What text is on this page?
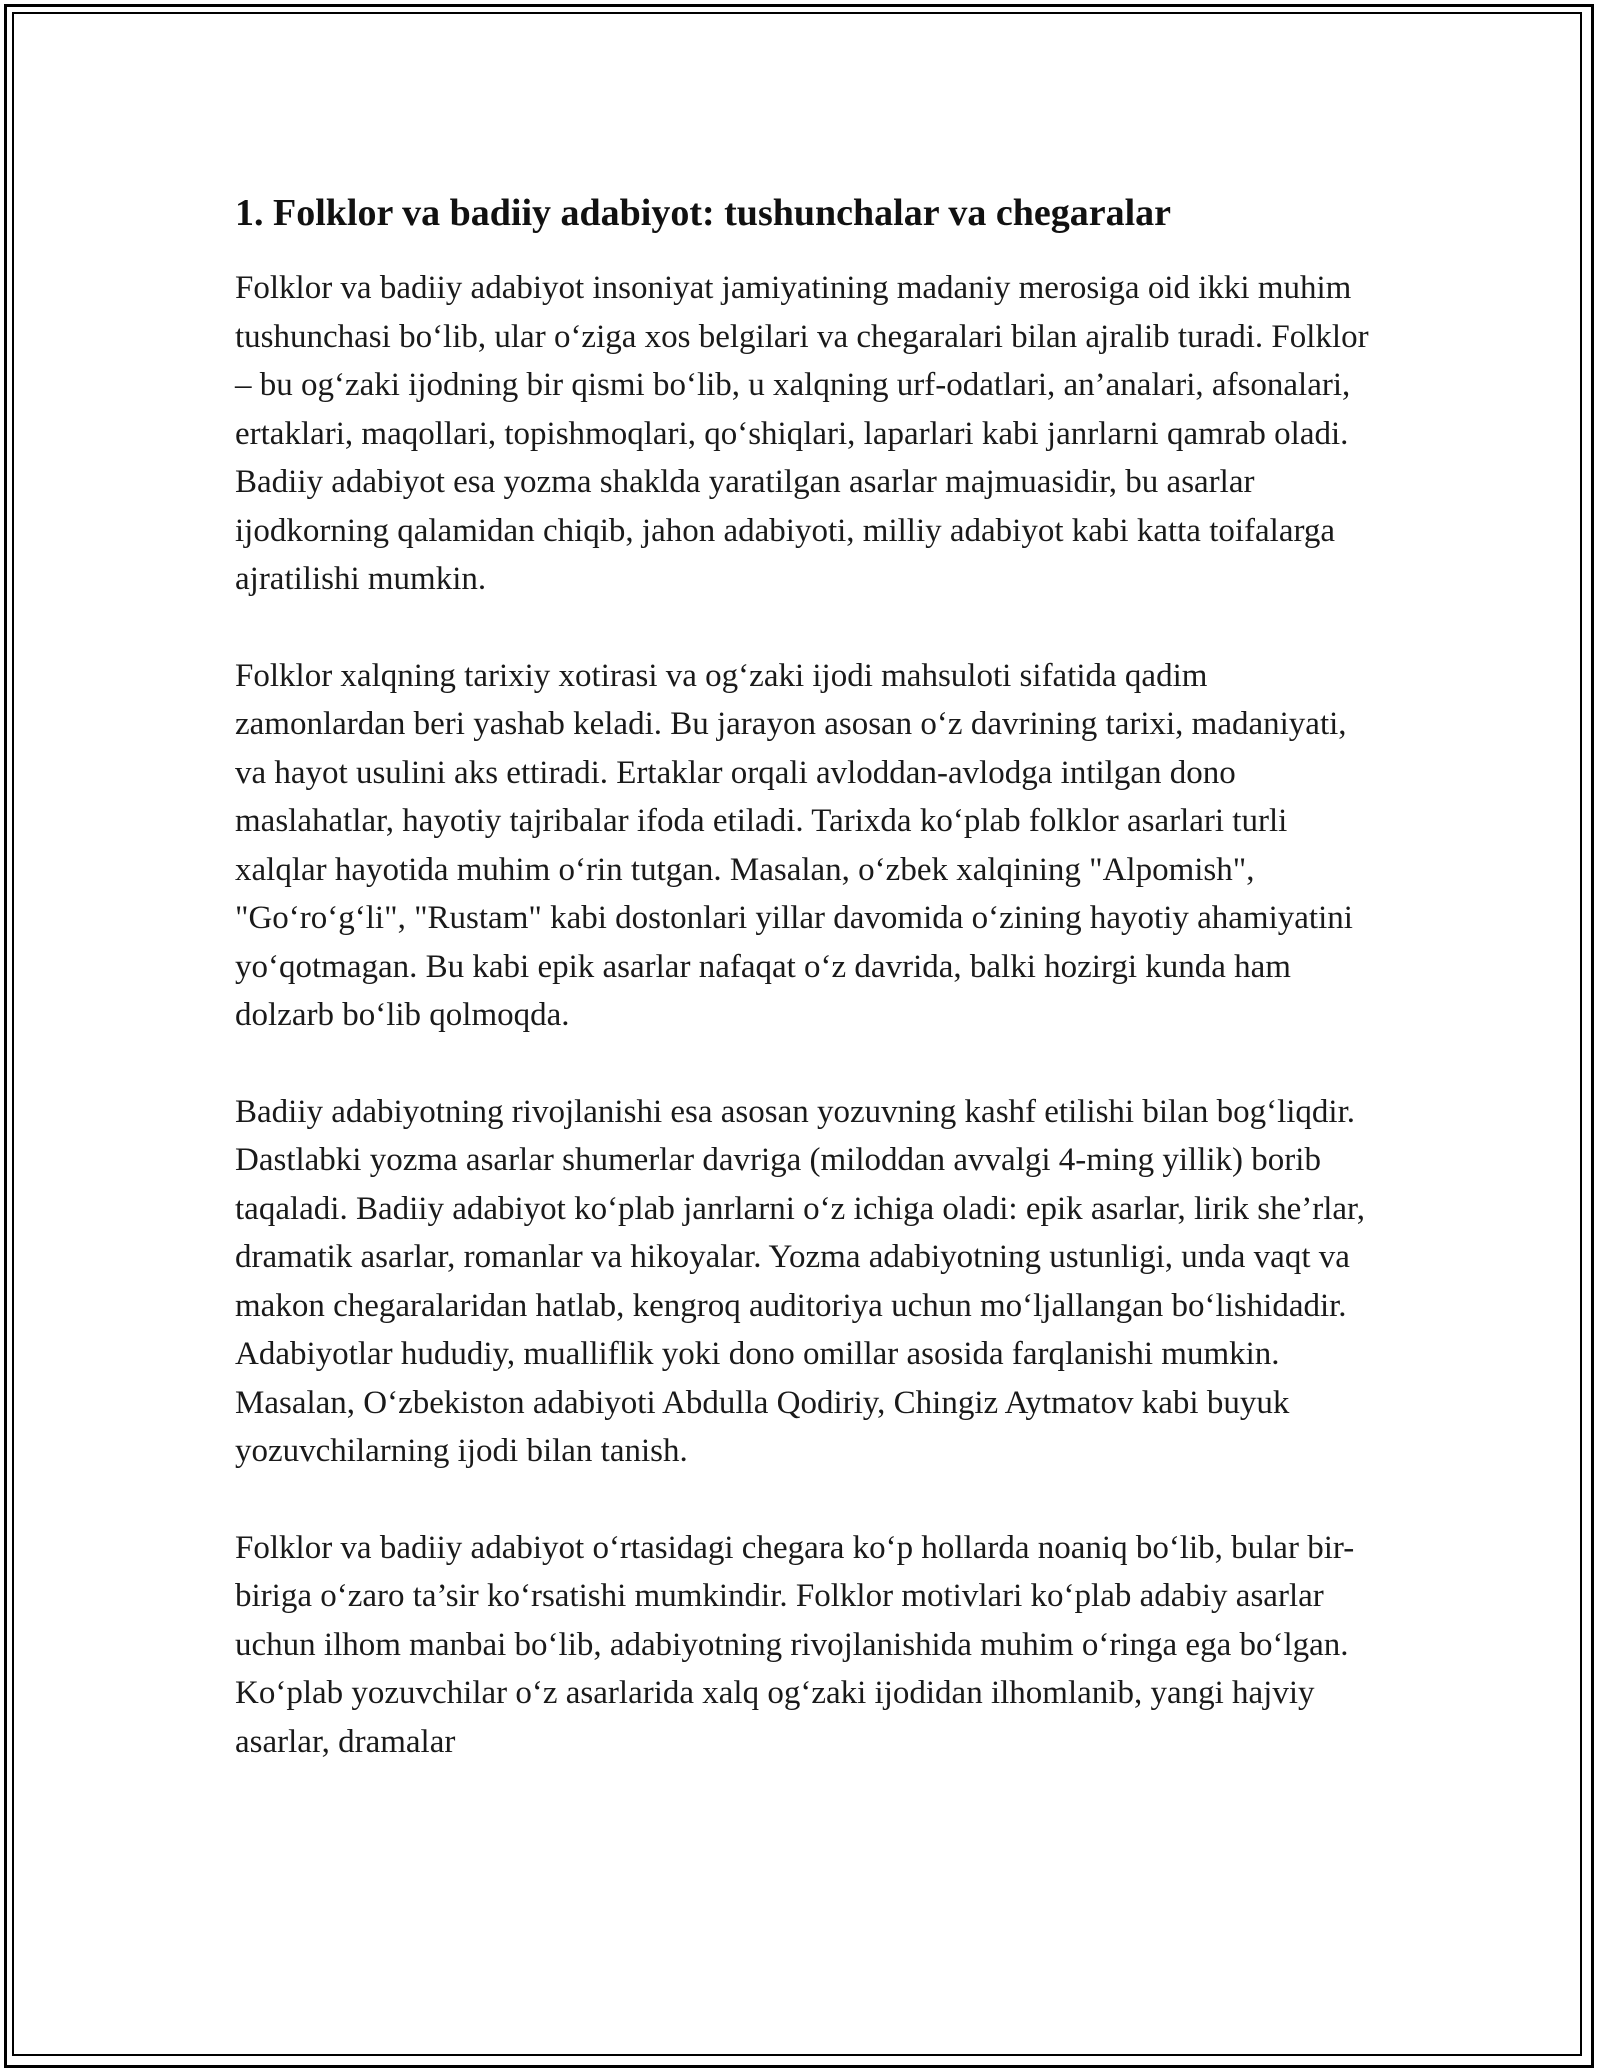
1. Folklor va badiiy adabiyot: tushunchalar va chegaralar

Folklor va badiiy adabiyot insoniyat jamiyatining madaniy merosiga oid ikki muhim tushunchasi bo‘lib, ular o‘ziga xos belgilari va chegaralari bilan ajralib turadi. Folklor – bu og‘zaki ijodning bir qismi bo‘lib, u xalqning urf-odatlari, an’analari, afsonalari, ertaklari, maqollari, topishmoqlari, qo‘shiqlari, laparlari kabi janrlarni qamrab oladi. Badiiy adabiyot esa yozma shaklda yaratilgan asarlar majmuasidir, bu asarlar ijodkorning qalamidan chiqib, jahon adabiyoti, milliy adabiyot kabi katta toifalarga ajratilishi mumkin.

Folklor xalqning tarixiy xotirasi va og‘zaki ijodi mahsuloti sifatida qadim zamonlardan beri yashab keladi. Bu jarayon asosan o‘z davrining tarixi, madaniyati, va hayot usulini aks ettiradi. Ertaklar orqali avloddan-avlodga intilgan dono maslahatlar, hayotiy tajribalar ifoda etiladi. Tarixda ko‘plab folklor asarlari turli xalqlar hayotida muhim o‘rin tutgan. Masalan, o‘zbek xalqining "Alpomish", "Go‘ro‘g‘li", "Rustam" kabi dostonlari yillar davomida o‘zining hayotiy ahamiyatini yo‘qotmagan. Bu kabi epik asarlar nafaqat o‘z davrida, balki hozirgi kunda ham dolzarb bo‘lib qolmoqda.

Badiiy adabiyotning rivojlanishi esa asosan yozuvning kashf etilishi bilan bog‘liqdir. Dastlabki yozma asarlar shumerlar davriga (miloddan avvalgi 4-ming yillik) borib taqaladi. Badiiy adabiyot ko‘plab janrlarni o‘z ichiga oladi: epik asarlar, lirik she’rlar, dramatik asarlar, romanlar va hikoyalar. Yozma adabiyotning ustunligi, unda vaqt va makon chegaralaridan hatlab, kengroq auditoriya uchun mo‘ljallangan bo‘lishidadir. Adabiyotlar hududiy, mualliflik yoki dono omillar asosida farqlanishi mumkin. Masalan, O‘zbekiston adabiyoti Abdulla Qodiriy, Chingiz Aytmatov kabi buyuk yozuvchilarning ijodi bilan tanish.

Folklor va badiiy adabiyot o‘rtasidagi chegara ko‘p hollarda noaniq bo‘lib, bular bir-biriga o‘zaro ta’sir ko‘rsatishi mumkindir. Folklor motivlari ko‘plab adabiy asarlar uchun ilhom manbai bo‘lib, adabiyotning rivojlanishida muhim o‘ringa ega bo‘lgan. Ko‘plab yozuvchilar o‘z asarlarida xalq og‘zaki ijodidan ilhomlanib, yangi hajviy asarlar, dramalar
